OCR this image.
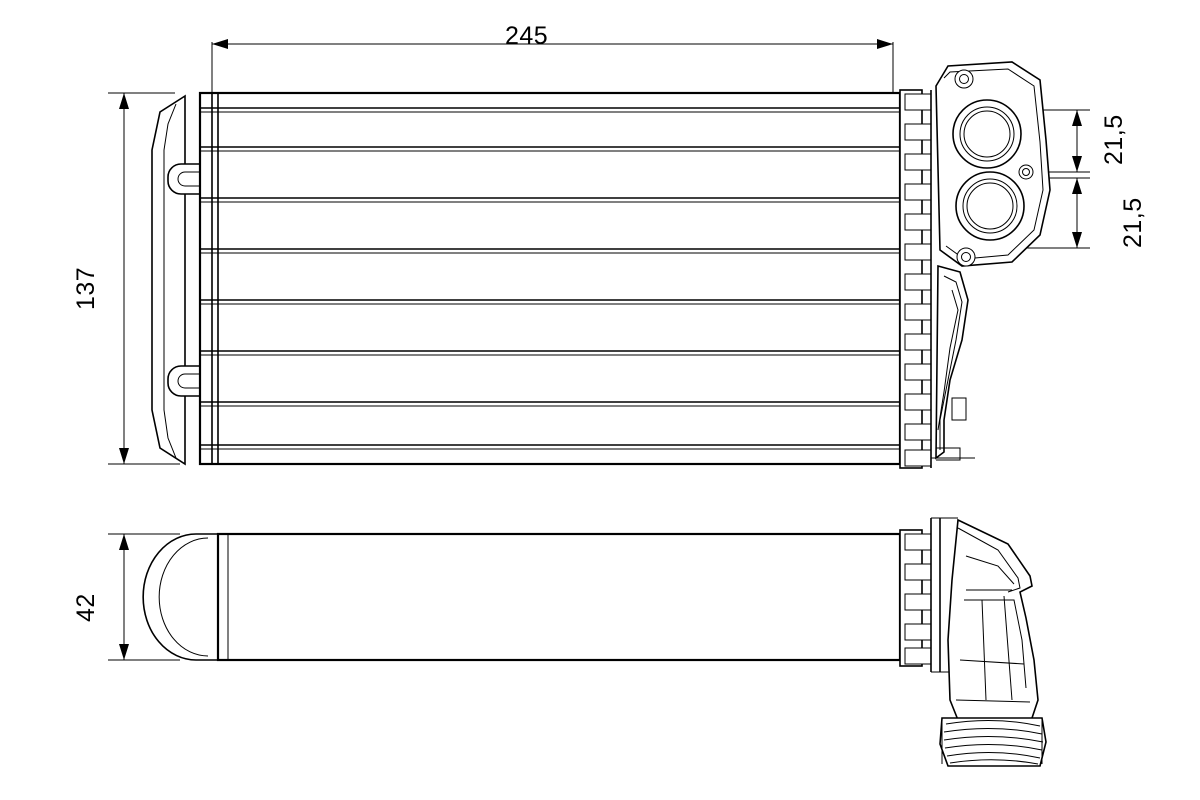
245
137
42
21,5
21,5
